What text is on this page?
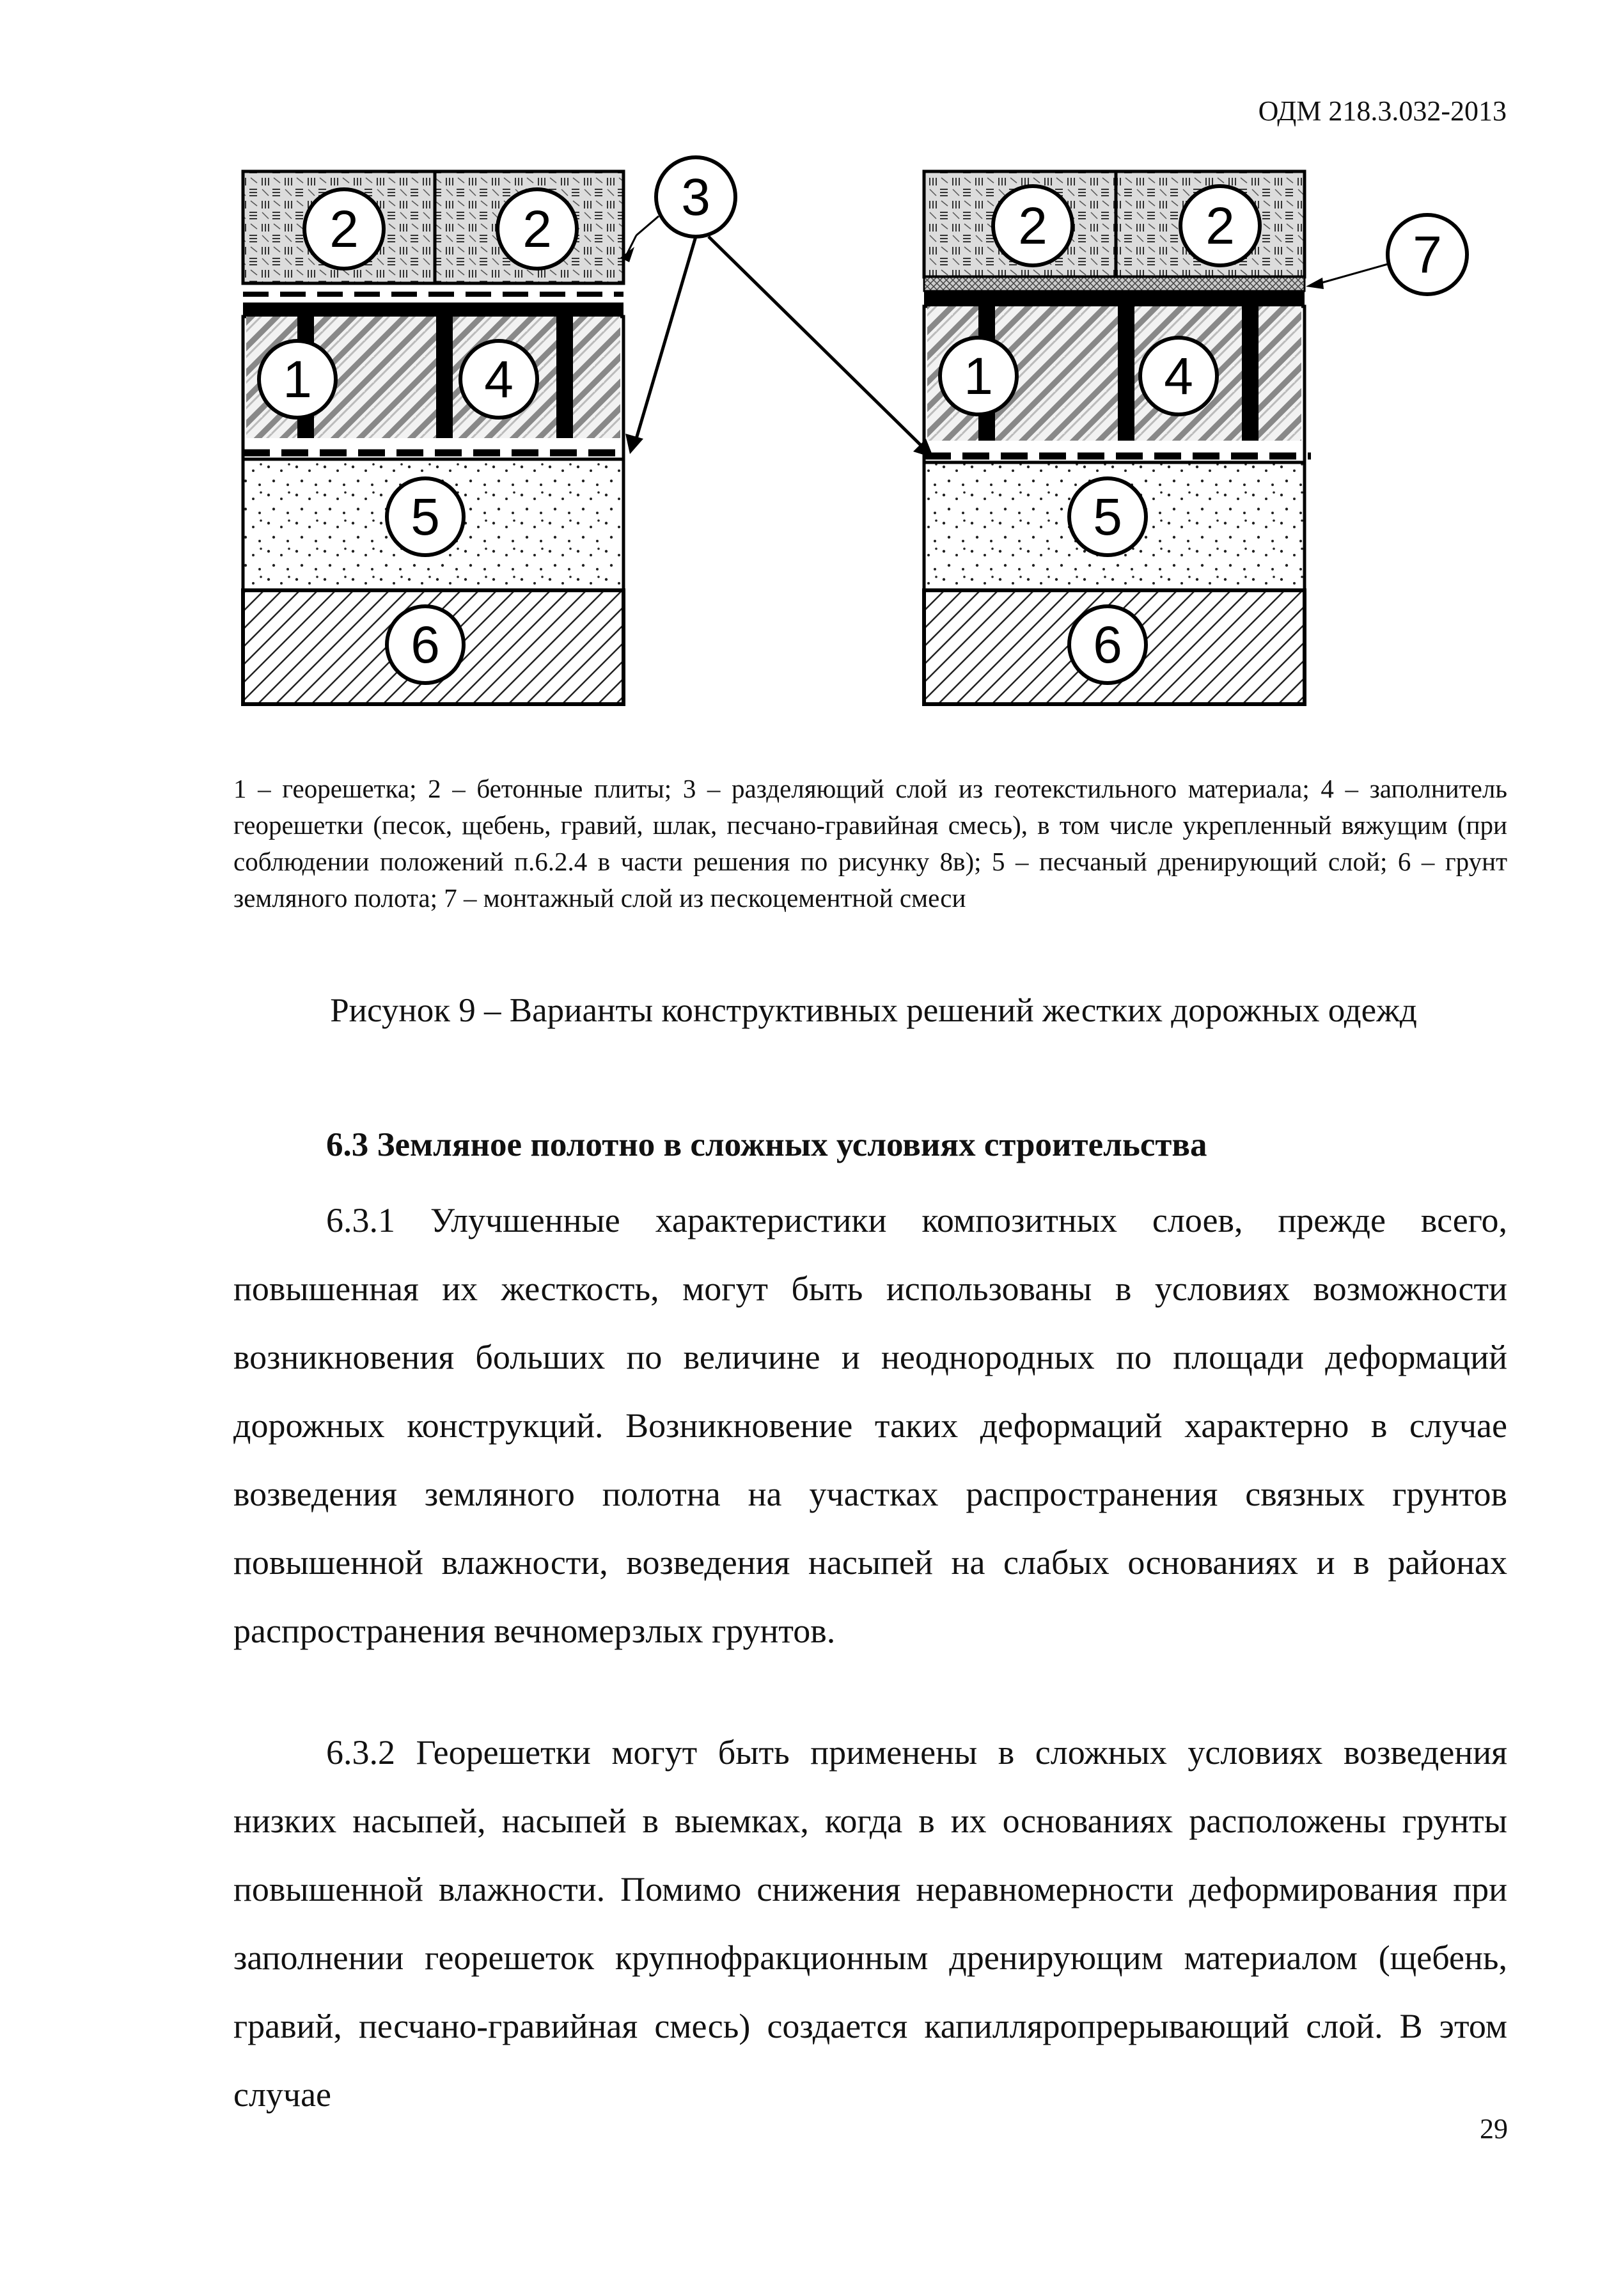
ОДМ 218.3.032-2013
2	2
1	4
5
6
2	2
1	4
5
6
3
7
1 – георешетка; 2 – бетонные плиты; 3 – разделяющий слой из геотекстильного материала; 4 – заполнитель георешетки (песок, щебень, гравий, шлак, песчано-гравийная смесь), в том числе укрепленный вяжущим (при соблюдении положений п.6.2.4 в части решения по рисунку 8в); 5 – песчаный дренирующий слой; 6 – грунт земляного полота; 7 – монтажный слой из пескоцементной смеси
Рисунок 9 – Варианты конструктивных решений жестких дорожных одежд
6.3 Земляное полотно в сложных условиях строительства

6.3.1 Улучшенные характеристики композитных слоев, прежде всего, повышенная их жесткость, могут быть использованы в условиях возможности возникновения больших по величине и неоднородных по площади деформаций дорожных конструкций. Возникновение таких деформаций характерно в случае возведения земляного полотна на участках распространения связных грунтов повышенной влажности, возведения насыпей на слабых основаниях и в районах распространения вечномерзлых грунтов.

6.3.2 Георешетки могут быть применены в сложных условиях возведения низких насыпей, насыпей в выемках, когда в их основаниях расположены грунты повышенной влажности. Помимо снижения неравномерности деформирования при заполнении георешеток крупнофракционным дренирующим материалом (щебень, гравий, песчано-гравийная смесь) создается капилляропрерывающий слой. В этом случае

29
